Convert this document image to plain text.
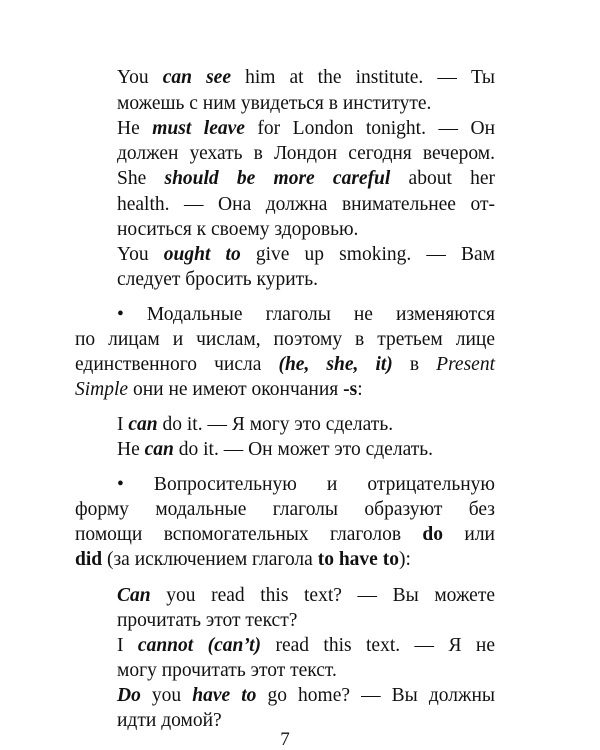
You can see him at the institute. — Ты
можешь с ним увидеться в институте.
He must leave for London tonight. — Он
должен уехать в Лондон сегодня вечером.
She should be more careful about her
health. — Она должна внимательнее от-
носиться к своему здоровью.
You ought to give up smoking. — Вам
следует бросить курить.
• Модальные глаголы не изменяются
по лицам и числам, поэтому в третьем лице
единственного числа (he, she, it) в Present
Simple они не имеют окончания -s:
I can do it. — Я могу это сделать.
He can do it. — Он может это сделать.
• Вопросительную и отрицательную
форму модальные глаголы образуют без
помощи вспомогательных глаголов do или
did (за исключением глагола to have to):
Can you read this text? — Вы можете
прочитать этот текст?
I cannot (can’t) read this text. — Я не
могу прочитать этот текст.
Do you have to go home? — Вы должны
идти домой?
7
